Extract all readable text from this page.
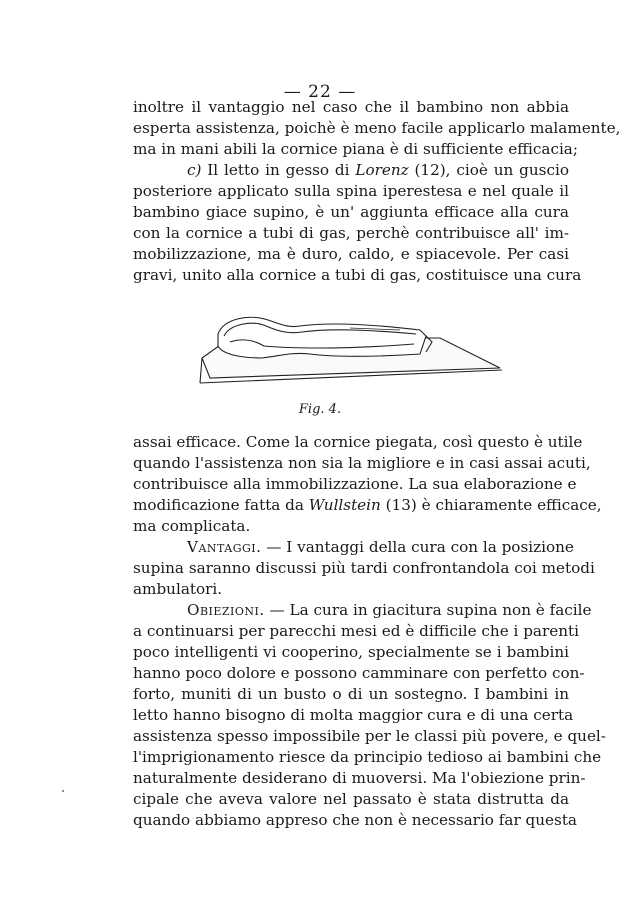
— 22 —
inoltre il vantaggio nel caso che il bambino non abbia
esperta assistenza, poichè è meno facile applicarlo malamente,
ma in mani abili la cornice piana è di sufficiente efficacia;
c) Il letto in gesso di Lorenz (12), cioè un guscio
posteriore applicato sulla spina iperestesa e nel quale il
bambino giace supino, è un' aggiunta efficace alla cura
con la cornice a tubi di gas, perchè contribuisce all' im-
mobilizzazione, ma è duro, caldo, e spiacevole. Per casi
gravi, unito alla cornice a tubi di gas, costituisce una cura
Fig. 4.
assai efficace. Come la cornice piegata, così questo è utile
quando l'assistenza non sia la migliore e in casi assai acuti,
contribuisce alla immobilizzazione. La sua elaborazione e
modificazione fatta da Wullstein (13) è chiaramente efficace,
ma complicata.
Vantaggi. — I vantaggi della cura con la posizione
supina saranno discussi più tardi confrontandola coi metodi
ambulatori.
Obiezioni. — La cura in giacitura supina non è facile
a continuarsi per parecchi mesi ed è difficile che i parenti
poco intelligenti vi cooperino, specialmente se i bambini
hanno poco dolore e possono camminare con perfetto con-
forto, muniti di un busto o di un sostegno. I bambini in
letto hanno bisogno di molta maggior cura e di una certa
assistenza spesso impossibile per le classi più povere, e quel-
l'imprigionamento riesce da principio tedioso ai bambini che
naturalmente desiderano di muoversi. Ma l'obiezione prin-
cipale che aveva valore nel passato è stata distrutta da
quando abbiamo appreso che non è necessario far questa
